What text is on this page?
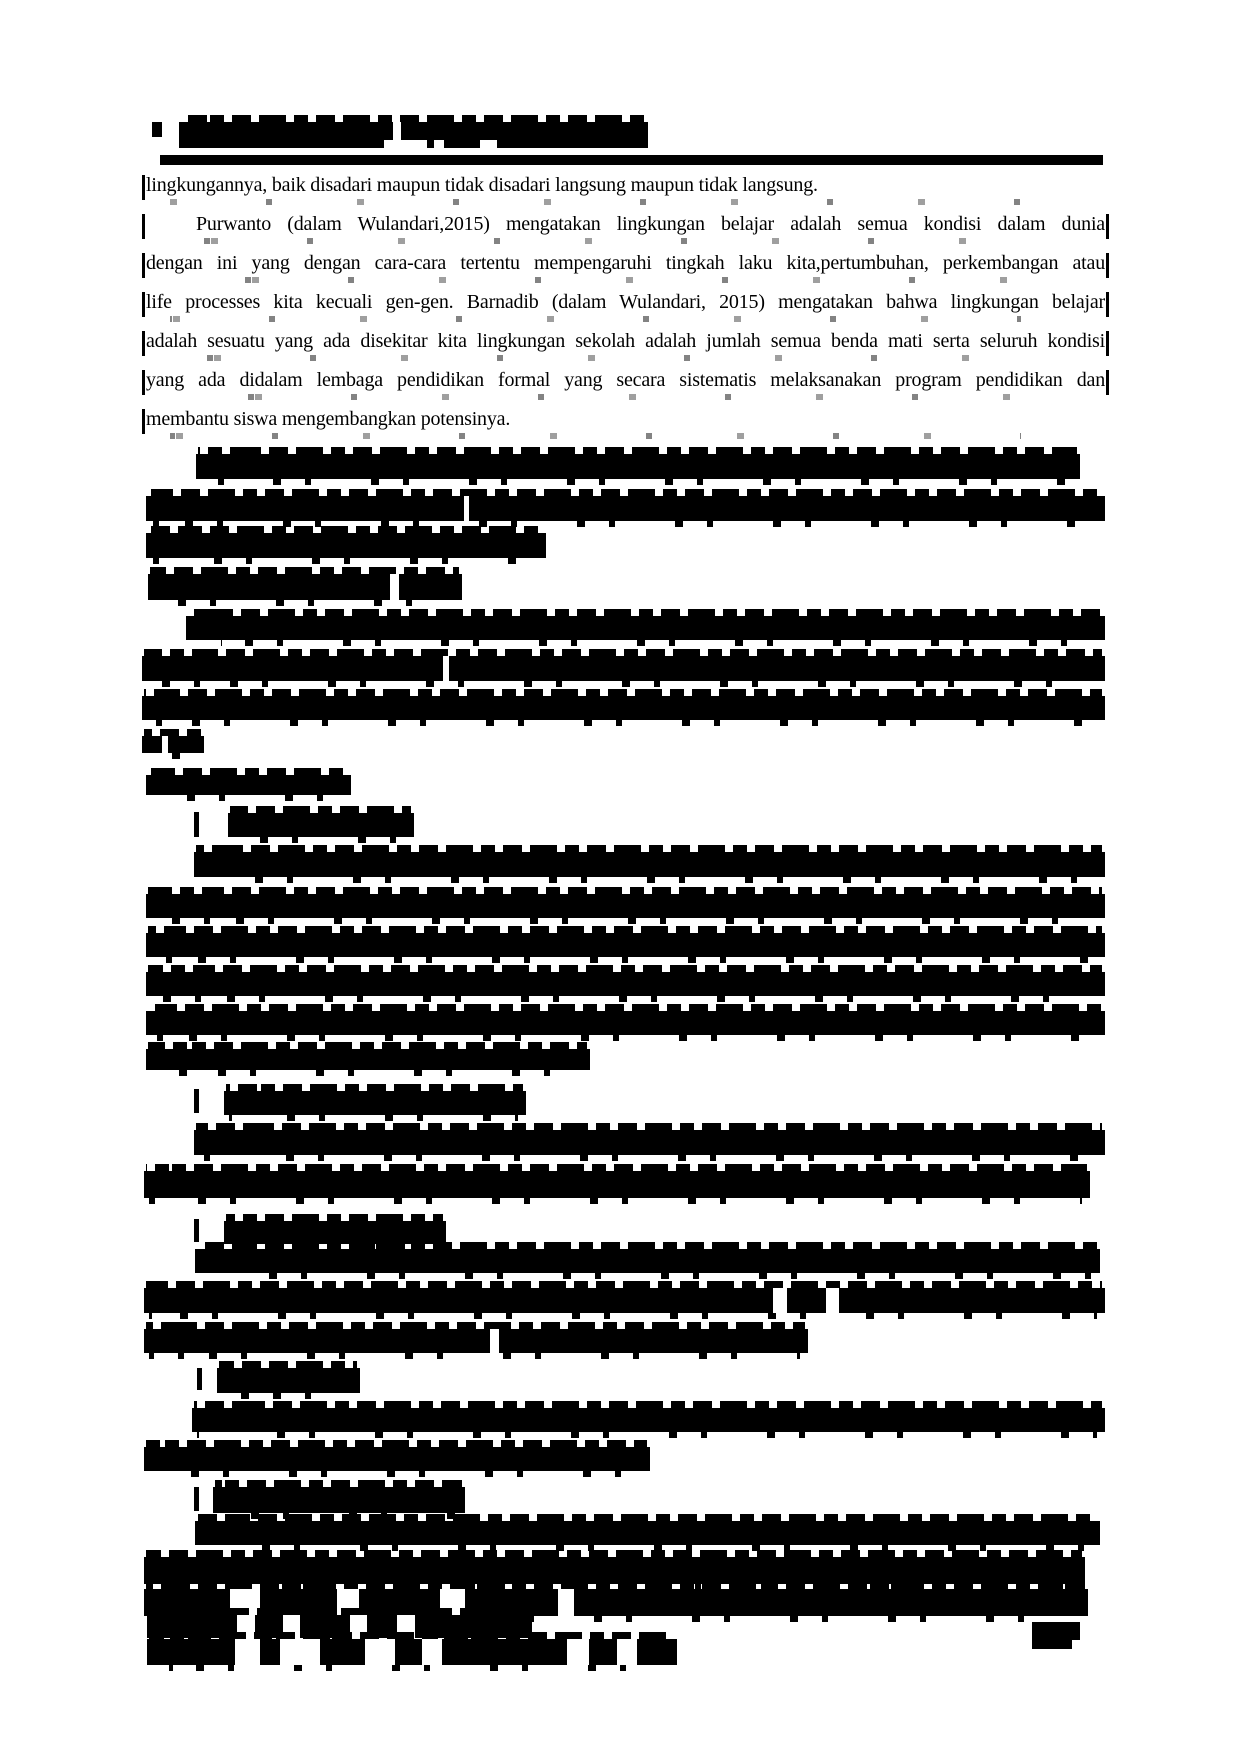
lingkungannya, baik disadari maupun tidak disadari langsung maupun tidak langsung.
Purwanto (dalam Wulandari,2015) mengatakan lingkungan belajar adalah semua kondisi dalam dunia
dengan ini yang dengan cara-cara tertentu mempengaruhi tingkah laku kita,pertumbuhan, perkembangan atau
life processes kita kecuali gen-gen. Barnadib (dalam Wulandari, 2015) mengatakan bahwa lingkungan belajar
adalah sesuatu yang ada disekitar kita lingkungan sekolah adalah jumlah semua benda mati serta seluruh kondisi
yang ada didalam lembaga pendidikan formal yang secara sistematis melaksanakan program pendidikan dan
membantu siswa mengembangkan potensinya.
